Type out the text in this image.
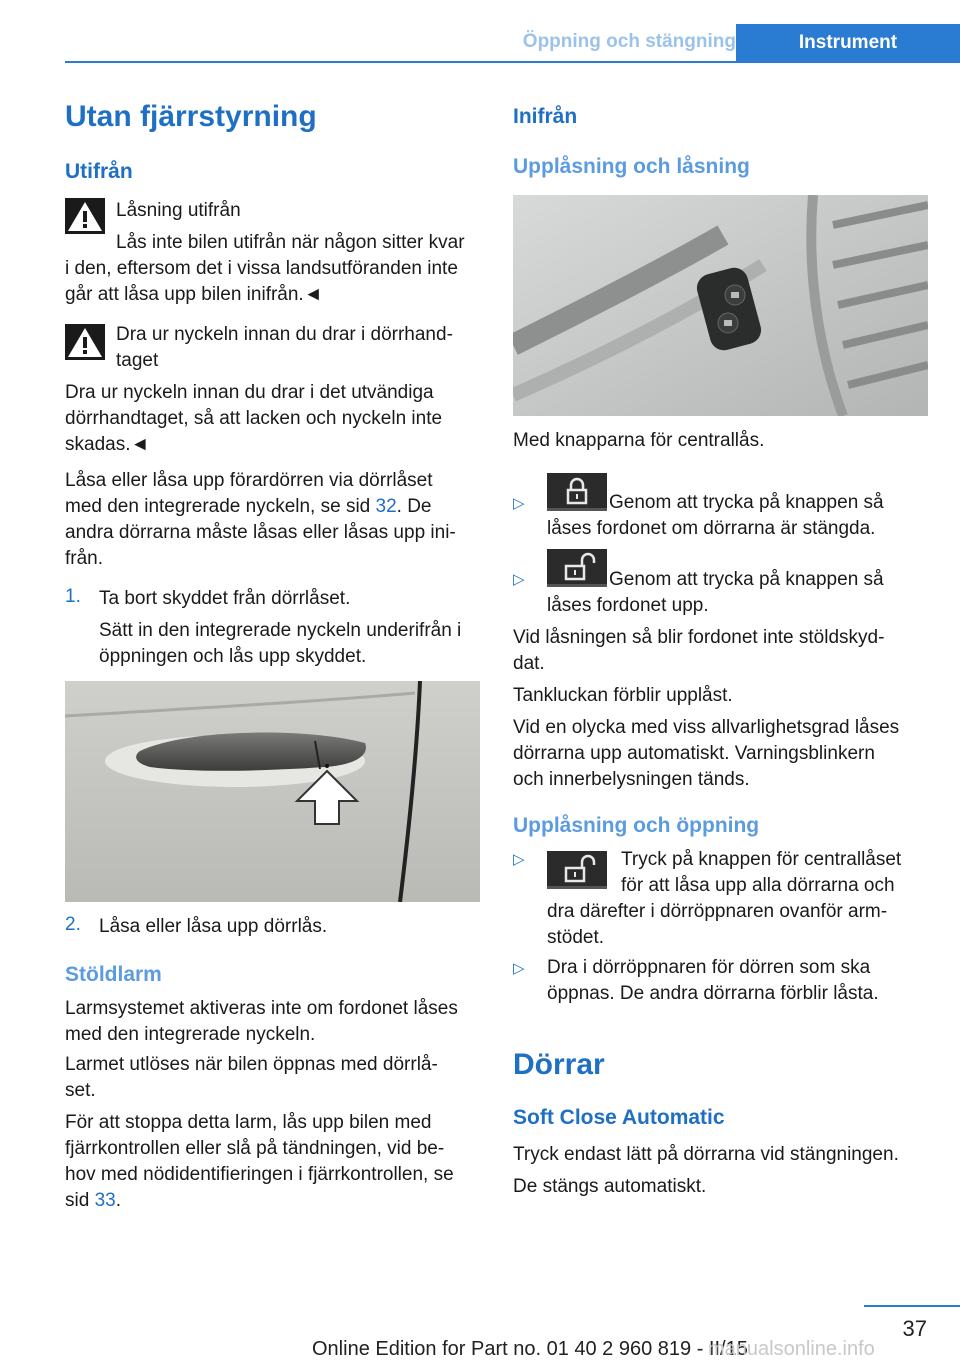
Öppning och stängning	Instrument
Utan fjärrstyrning
Utifrån

Låsning utifrån

Lås inte bilen utifrån när någon sitter kvar

i den, eftersom det i vissa landsutföranden inte

går att låsa upp bilen inifrån.◄

Dra ur nyckeln innan du drar i dörrhand‐

taget

Dra ur nyckeln innan du drar i det utvändiga

dörrhandtaget, så att lacken och nyckeln inte

skadas.◄

Låsa eller låsa upp förardörren via dörrlåset

med den integrerade nyckeln, se sid 32. De

andra dörrarna måste låsas eller låsas upp ini‐

från.

1. Ta bort skyddet från dörrlåset.

Sätt in den integrerade nyckeln underifrån i

öppningen och lås upp skyddet.

2. Låsa eller låsa upp dörrlås.

Stöldlarm

Larmsystemet aktiveras inte om fordonet låses

med den integrerade nyckeln.

Larmet utlöses när bilen öppnas med dörrlå‐

set.

För att stoppa detta larm, lås upp bilen med

fjärrkontrollen eller slå på tändningen, vid be‐

hov med nödidentifieringen i fjärrkontrollen, se

sid 33.

Inifrån
Upplåsning och låsning

Med knapparna för centrallås.

▷	Genom att trycka på knappen så

låses fordonet om dörrarna är stängda.

▷	Genom att trycka på knappen så

låses fordonet upp.

Vid låsningen så blir fordonet inte stöldskyd‐

dat.

Tankluckan förblir upplåst.

Vid en olycka med viss allvarlighetsgrad låses

dörrarna upp automatiskt. Varningsblinkern

och innerbelysningen tänds.

Upplåsning och öppning
▷	Tryck på knappen för centrallåset

för att låsa upp alla dörrarna och

dra därefter i dörröppnaren ovanför arm‐

stödet.

▷ Dra i dörröppnaren för dörren som ska

öppnas. De andra dörrarna förblir låsta.

Dörrar
Soft Close Automatic

Tryck endast lätt på dörrarna vid stängningen.

De stängs automatiskt.

37
Online Edition for Part no. 01 40 2 960 819 - II/15
manualsonline.info
